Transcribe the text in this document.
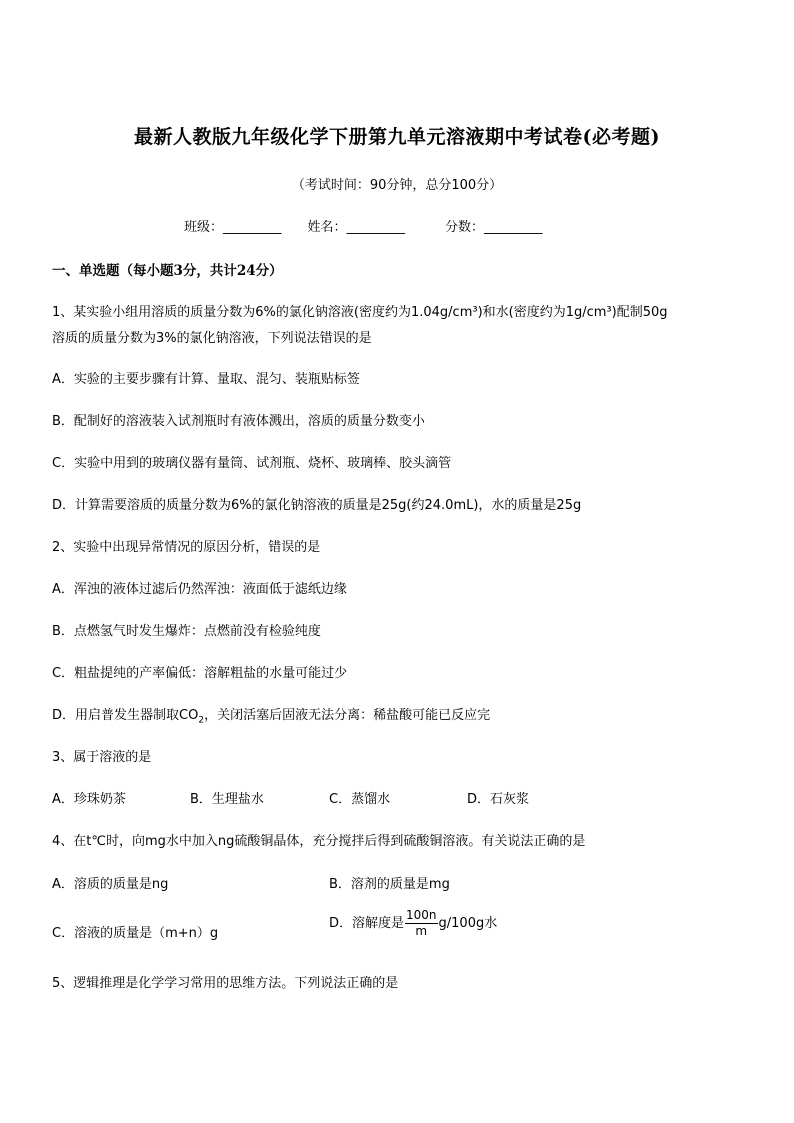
最新人教版九年级化学下册第九单元溶液期中考试卷(必考题)
（考试时间：90分钟，总分100分）
班级：_________ 姓名：_________	分数：_________
一、单选题（每小题3分，共计24分）
1、某实验小组用溶质的质量分数为6%的氯化钠溶液(密度约为1.04g/cm³)和水(密度约为1g/cm³)配制50g
溶质的质量分数为3%的氯化钠溶液，下列说法错误的是
A．实验的主要步骤有计算、量取、混匀、装瓶贴标签
B．配制好的溶液装入试剂瓶时有液体溅出，溶质的质量分数变小
C．实验中用到的玻璃仪器有量筒、试剂瓶、烧杯、玻璃棒、胶头滴管
D．计算需要溶质的质量分数为6%的氯化钠溶液的质量是25g(约24.0mL)，水的质量是25g
2、实验中出现异常情况的原因分析，错误的是
A．浑浊的液体过滤后仍然浑浊：液面低于滤纸边缘
B．点燃氢气时发生爆炸：点燃前没有检验纯度
C．粗盐提纯的产率偏低：溶解粗盐的水量可能过少
D．用启普发生器制取$CO_2$，关闭活塞后固液无法分离：稀盐酸可能已反应完
3、属于溶液的是
A．珍珠奶茶	B．生理盐水	C．蒸馏水	D．石灰浆
4、在t℃时，向mg水中加入ng硫酸铜晶体，充分搅拌后得到硫酸铜溶液。有关说法正确的是
A．溶质的质量是ng	B．溶剂的质量是mg
C．溶液的质量是（m+n）g
D．溶解度是 $\frac{100n}{m} g/100g$水
5、逻辑推理是化学学习常用的思维方法。下列说法正确的是
